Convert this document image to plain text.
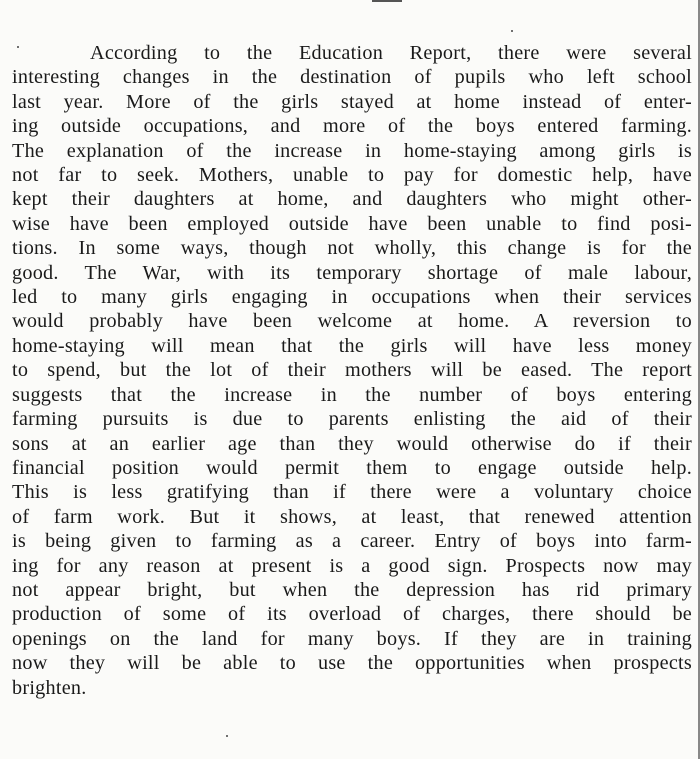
According to the Education Report, there were several
interesting changes in the destination of pupils who left school
last year. More of the girls stayed at home instead of enter-
ing outside occupations, and more of the boys entered farming.
The explanation of the increase in home-staying among girls is
not far to seek. Mothers, unable to pay for domestic help, have
kept their daughters at home, and daughters who might other-
wise have been employed outside have been unable to find posi-
tions. In some ways, though not wholly, this change is for the
good. The War, with its temporary shortage of male labour,
led to many girls engaging in occupations when their services
would probably have been welcome at home. A reversion to
home-staying will mean that the girls will have less money
to spend, but the lot of their mothers will be eased. The report
suggests that the increase in the number of boys entering
farming pursuits is due to parents enlisting the aid of their
sons at an earlier age than they would otherwise do if their
financial position would permit them to engage outside help.
This is less gratifying than if there were a voluntary choice
of farm work. But it shows, at least, that renewed attention
is being given to farming as a career. Entry of boys into farm-
ing for any reason at present is a good sign. Prospects now may
not appear bright, but when the depression has rid primary
production of some of its overload of charges, there should be
openings on the land for many boys. If they are in training
now they will be able to use the opportunities when prospects
brighten.
